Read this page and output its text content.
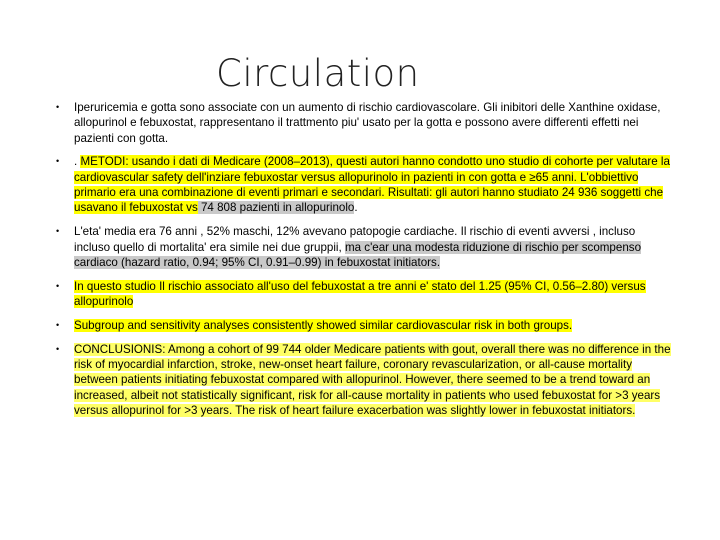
Circulation
• Iperuricemia e gotta sono associate con un aumento di rischio cardiovascolare. Gli inibitori delle Xanthine oxidase, allopurinol e febuxostat, rappresentano il trattmento piu' usato per la gotta e possono avere differenti effetti nei pazienti con gotta.
• . METODI: usando i dati di Medicare (2008–2013), questi autori hanno condotto uno studio di cohorte per valutare la cardiovascular safety dell'inziare febuxostar versus allopurinolo in pazienti in con gotta e ≥65 anni. L'obbiettivo primario era una combinazione di eventi primari e secondari. Risultati: gli autori hanno studiato 24 936 soggetti che usavano il febuxostat vs 74 808 pazienti in allopurinolo.
• L'eta' media era 76 anni , 52% maschi, 12% avevano patopogie cardiache. Il rischio di eventi avversi , incluso incluso quello di mortalita' era simile nei due gruppii, ma c'ear una modesta riduzione di rischio per scompenso cardiaco (hazard ratio, 0.94; 95% CI, 0.91–0.99) in febuxostat initiators.
• In questo studio Il rischio associato all'uso del febuxostat a tre anni e' stato del 1.25 (95% CI, 0.56–2.80) versus allopurinolo
• Subgroup and sensitivity analyses consistently showed similar cardiovascular risk in both groups.
• CONCLUSIONIS: Among a cohort of 99 744 older Medicare patients with gout, overall there was no difference in the risk of myocardial infarction, stroke, new-onset heart failure, coronary revascularization, or all-cause mortality between patients initiating febuxostat compared with allopurinol. However, there seemed to be a trend toward an increased, albeit not statistically significant, risk for all-cause mortality in patients who used febuxostat for >3 years versus allopurinol for >3 years. The risk of heart failure exacerbation was slightly lower in febuxostat initiators.
